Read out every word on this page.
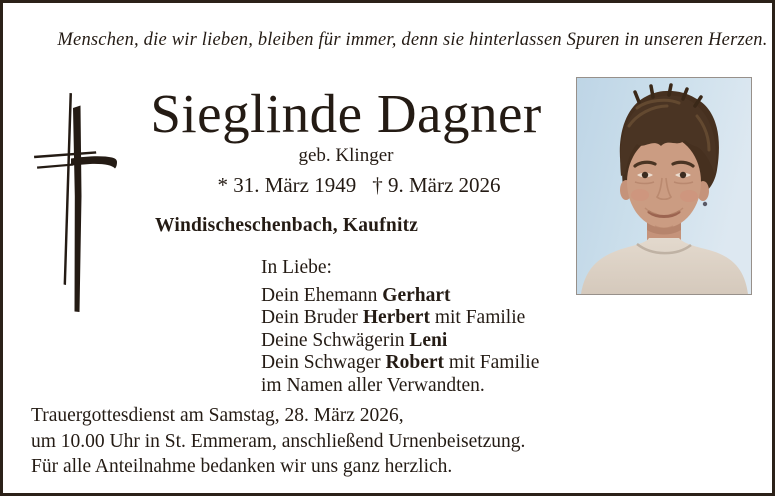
Menschen, die wir lieben, bleiben für immer, denn sie hinterlassen Spuren in unseren Herzen.
Sieglinde Dagner
geb. Klinger
* 31. März 1949 † 9. März 2026
Windischeschenbach, Kaufnitz
In Liebe:
Dein Ehemann Gerhart
Dein Bruder Herbert mit Familie
Deine Schwägerin Leni
Dein Schwager Robert mit Familie
im Namen aller Verwandten.
Trauergottesdienst am Samstag, 28. März 2026,
um 10.00 Uhr in St. Emmeram, anschließend Urnenbeisetzung.
Für alle Anteilnahme bedanken wir uns ganz herzlich.
